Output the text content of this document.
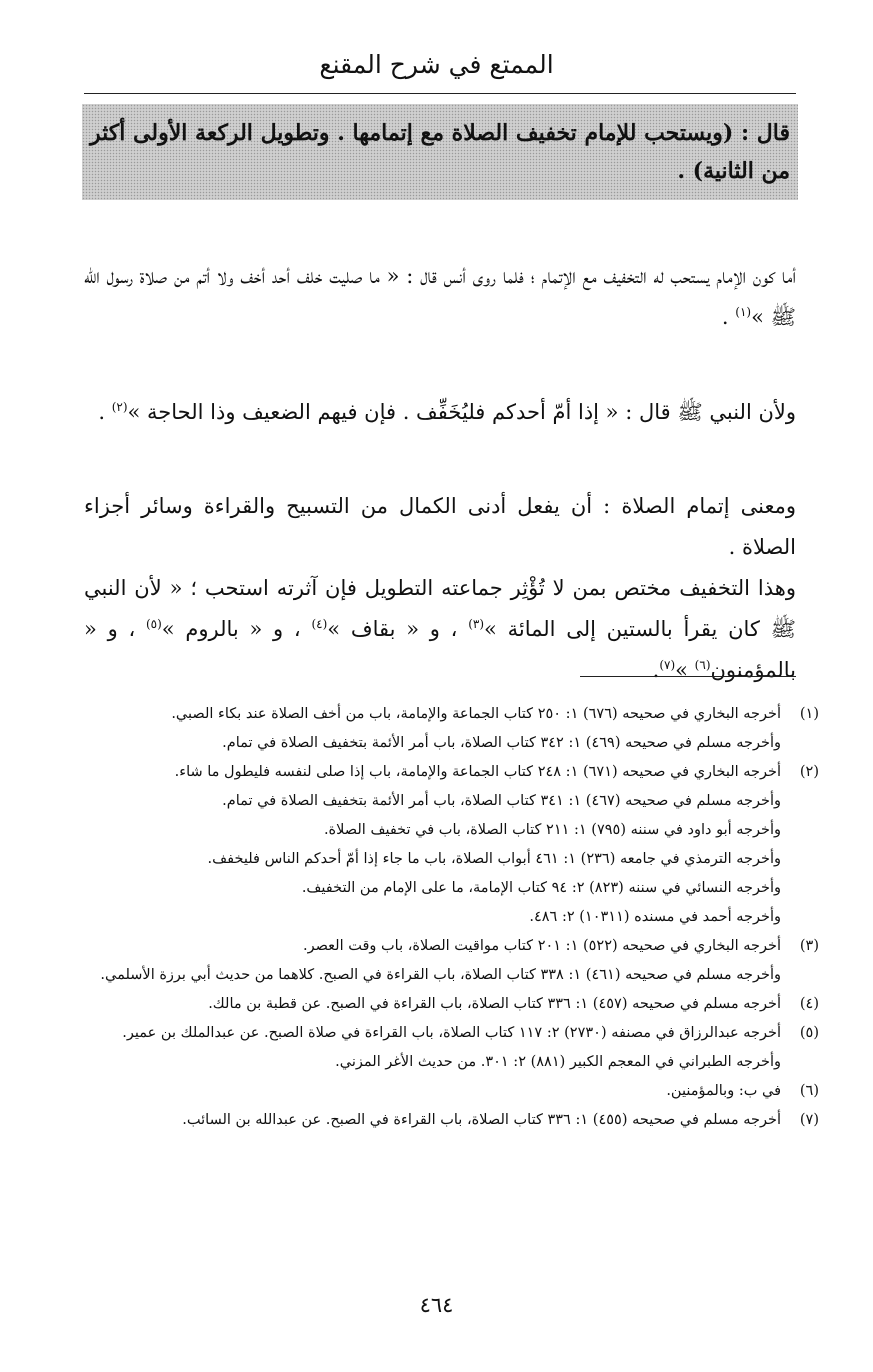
الممتع في شرح المقنع
قال : (ويستحب للإمام تخفيف الصلاة مع إتمامها . وتطويل الركعة الأولى أكثر من الثانية) .
أما كون الإمام يستحب له التخفيف مع الإتمام ؛ فلما روى أنس قال : « ما صليت خلف أحد أخف ولا أتم من صلاة رسول الله ﷺ »$^{(١)}$ .
ولأن النبي ﷺ قال : « إذا أمّ أحدكم فليُخَفِّف . فإن فيهم الضعيف وذا الحاجة »$^{(٢)}$ .
ومعنى إتمام الصلاة : أن يفعل أدنى الكمال من التسبيح والقراءة وسائر أجزاء الصلاة .
وهذا التخفيف مختص بمن لا تُؤْثِر جماعته التطويل فإن آثرته استحب ؛ « لأن النبي ﷺ كان يقرأ بالستين إلى المائة »$^{(٣)}$ ، و « بقاف »$^{(٤)}$ ، و « بالروم »$^{(٥)}$ ، و « بالمؤمنون$^{(٦)}$ »$^{(٧)}$.
(١)
أخرجه البخاري في صحيحه (٦٧٦) ١: ٢٥٠ كتاب الجماعة والإمامة، باب من أخف الصلاة عند بكاء الصبي.
وأخرجه مسلم في صحيحه (٤٦٩) ١: ٣٤٢ كتاب الصلاة، باب أمر الأئمة بتخفيف الصلاة في تمام.
(٢)
أخرجه البخاري في صحيحه (٦٧١) ١: ٢٤٨ كتاب الجماعة والإمامة، باب إذا صلى لنفسه فليطول ما شاء.
وأخرجه مسلم في صحيحه (٤٦٧) ١: ٣٤١ كتاب الصلاة، باب أمر الأئمة بتخفيف الصلاة في تمام.
وأخرجه أبو داود في سننه (٧٩٥) ١: ٢١١ كتاب الصلاة، باب في تخفيف الصلاة.
وأخرجه الترمذي في جامعه (٢٣٦) ١: ٤٦١ أبواب الصلاة، باب ما جاء إذا أمّ أحدكم الناس فليخفف.
وأخرجه النسائي في سننه (٨٢٣) ٢: ٩٤ كتاب الإمامة، ما على الإمام من التخفيف.
وأخرجه أحمد في مسنده (١٠٣١١) ٢: ٤٨٦.
(٣)
أخرجه البخاري في صحيحه (٥٢٢) ١: ٢٠١ كتاب مواقيت الصلاة، باب وقت العصر.
وأخرجه مسلم في صحيحه (٤٦١) ١: ٣٣٨ كتاب الصلاة، باب القراءة في الصبح. كلاهما من حديث أبي برزة الأسلمي.
(٤)
أخرجه مسلم في صحيحه (٤٥٧) ١: ٣٣٦ كتاب الصلاة، باب القراءة في الصبح. عن قطبة بن مالك.
(٥)
أخرجه عبدالرزاق في مصنفه (٢٧٣٠) ٢: ١١٧ كتاب الصلاة، باب القراءة في صلاة الصبح. عن عبدالملك بن عمير.
وأخرجه الطبراني في المعجم الكبير (٨٨١) ٢: ٣٠١. من حديث الأغر المزني.
(٦)
في ب: وبالمؤمنين.
(٧)
أخرجه مسلم في صحيحه (٤٥٥) ١: ٣٣٦ كتاب الصلاة، باب القراءة في الصبح. عن عبدالله بن السائب.
٤٦٤
